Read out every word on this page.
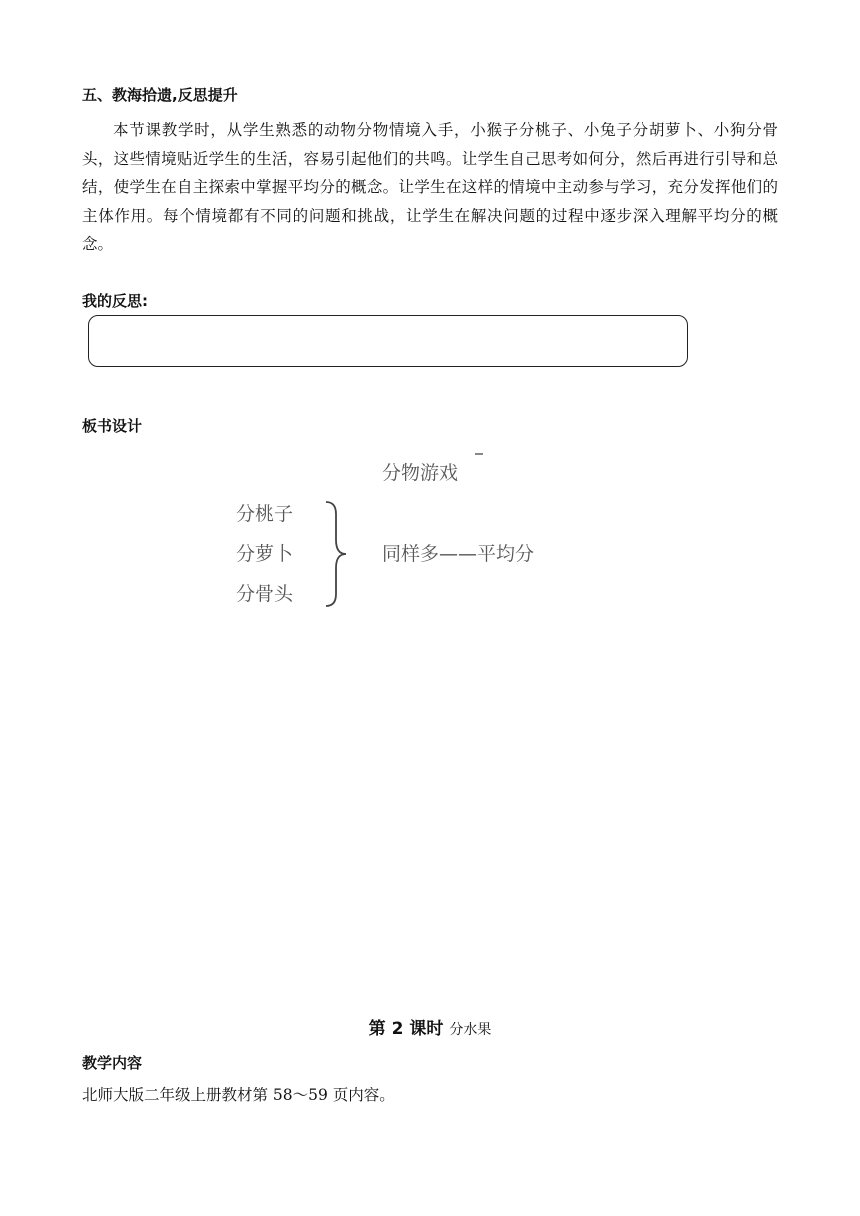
五、教海拾遗,反思提升
本节课教学时，从学生熟悉的动物分物情境入手，小猴子分桃子、小兔子分胡萝卜、小狗分骨头，这些情境贴近学生的生活，容易引起他们的共鸣。让学生自己思考如何分，然后再进行引导和总结，使学生在自主探索中掌握平均分的概念。让学生在这样的情境中主动参与学习，充分发挥他们的主体作用。每个情境都有不同的问题和挑战，让学生在解决问题的过程中逐步深入理解平均分的概念。
我的反思:
板书设计
分物游戏
分桃子
分萝卜
分骨头
同样多——平均分
第 2 课时 分水果
教学内容
北师大版二年级上册教材第 58～59 页内容。
